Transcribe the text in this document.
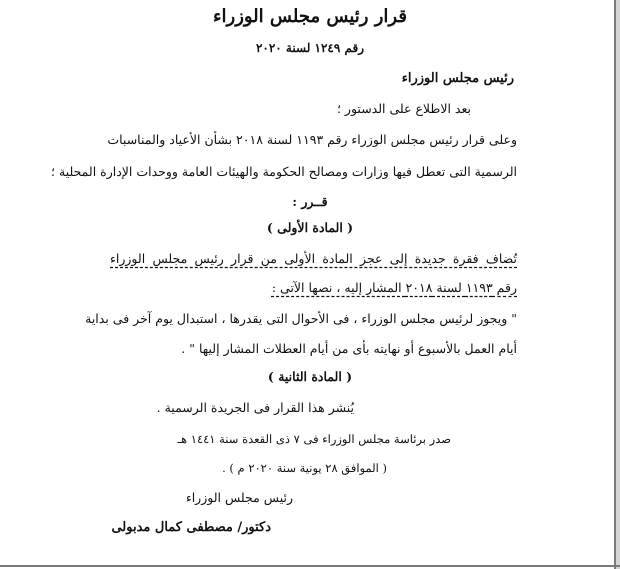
قرار رئيس مجلس الوزراء
رقم ١٢٤٩ لسنة ٢٠٢٠
رئيس مجلس الوزراء
بعد الاطلاع على الدستور ؛
وعلى قرار رئيس مجلس الوزراء رقم ١١٩٣ لسنة ٢٠١٨ بشأن الأعياد والمناسبات
الرسمية التى تعطل فيها وزارات ومصالح الحكومة والهيئات العامة ووحدات الإدارة المحلية ؛
قــرر :
( المادة الأولى )
تُضاف فقرة جديدة إلى عجز المادة الأولى من قرار رئيس مجلس الوزراء
رقم ١١٩٣ لسنة ٢٠١٨ المشار إليه ، نصها الآتى :
" ويجوز لرئيس مجلس الوزراء ، فى الأحوال التى يقدرها ، استبدال يوم آخر فى بداية
أيام العمل بالأسبوع أو نهايته بأى من أيام العطلات المشار إليها " .
( المادة الثانية )
يُنشر هذا القرار فى الجريدة الرسمية .
صدر برئاسة مجلس الوزراء فى ٧ ذى القعدة سنة ١٤٤١ هـ
( الموافق ٢٨ يونية سنة ٢٠٢٠ م ) .
رئيس مجلس الوزراء
دكتور/ مصطفى كمال مدبولى
